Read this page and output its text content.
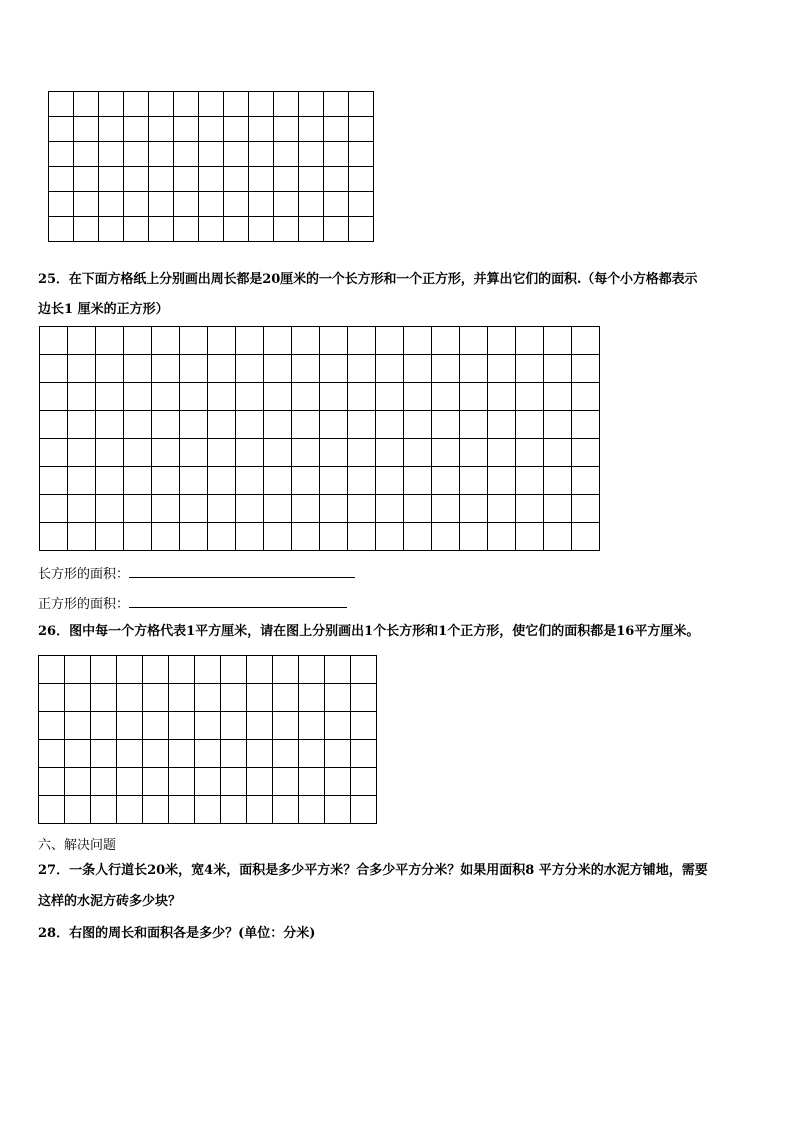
25．在下面方格纸上分别画出周长都是20厘米的一个长方形和一个正方形，并算出它们的面积.（每个小方格都表示
边长1 厘米的正方形）

长方形的面积：
正方形的面积：
26．图中每一个方格代表1平方厘米，请在图上分别画出1个长方形和1个正方形，使它们的面积都是16平方厘米。

六、解决问题
27．一条人行道长20米，宽4米，面积是多少平方米？合多少平方分米？如果用面积8 平方分米的水泥方铺地，需要
这样的水泥方砖多少块？
28．右图的周长和面积各是多少？(单位：分米)
